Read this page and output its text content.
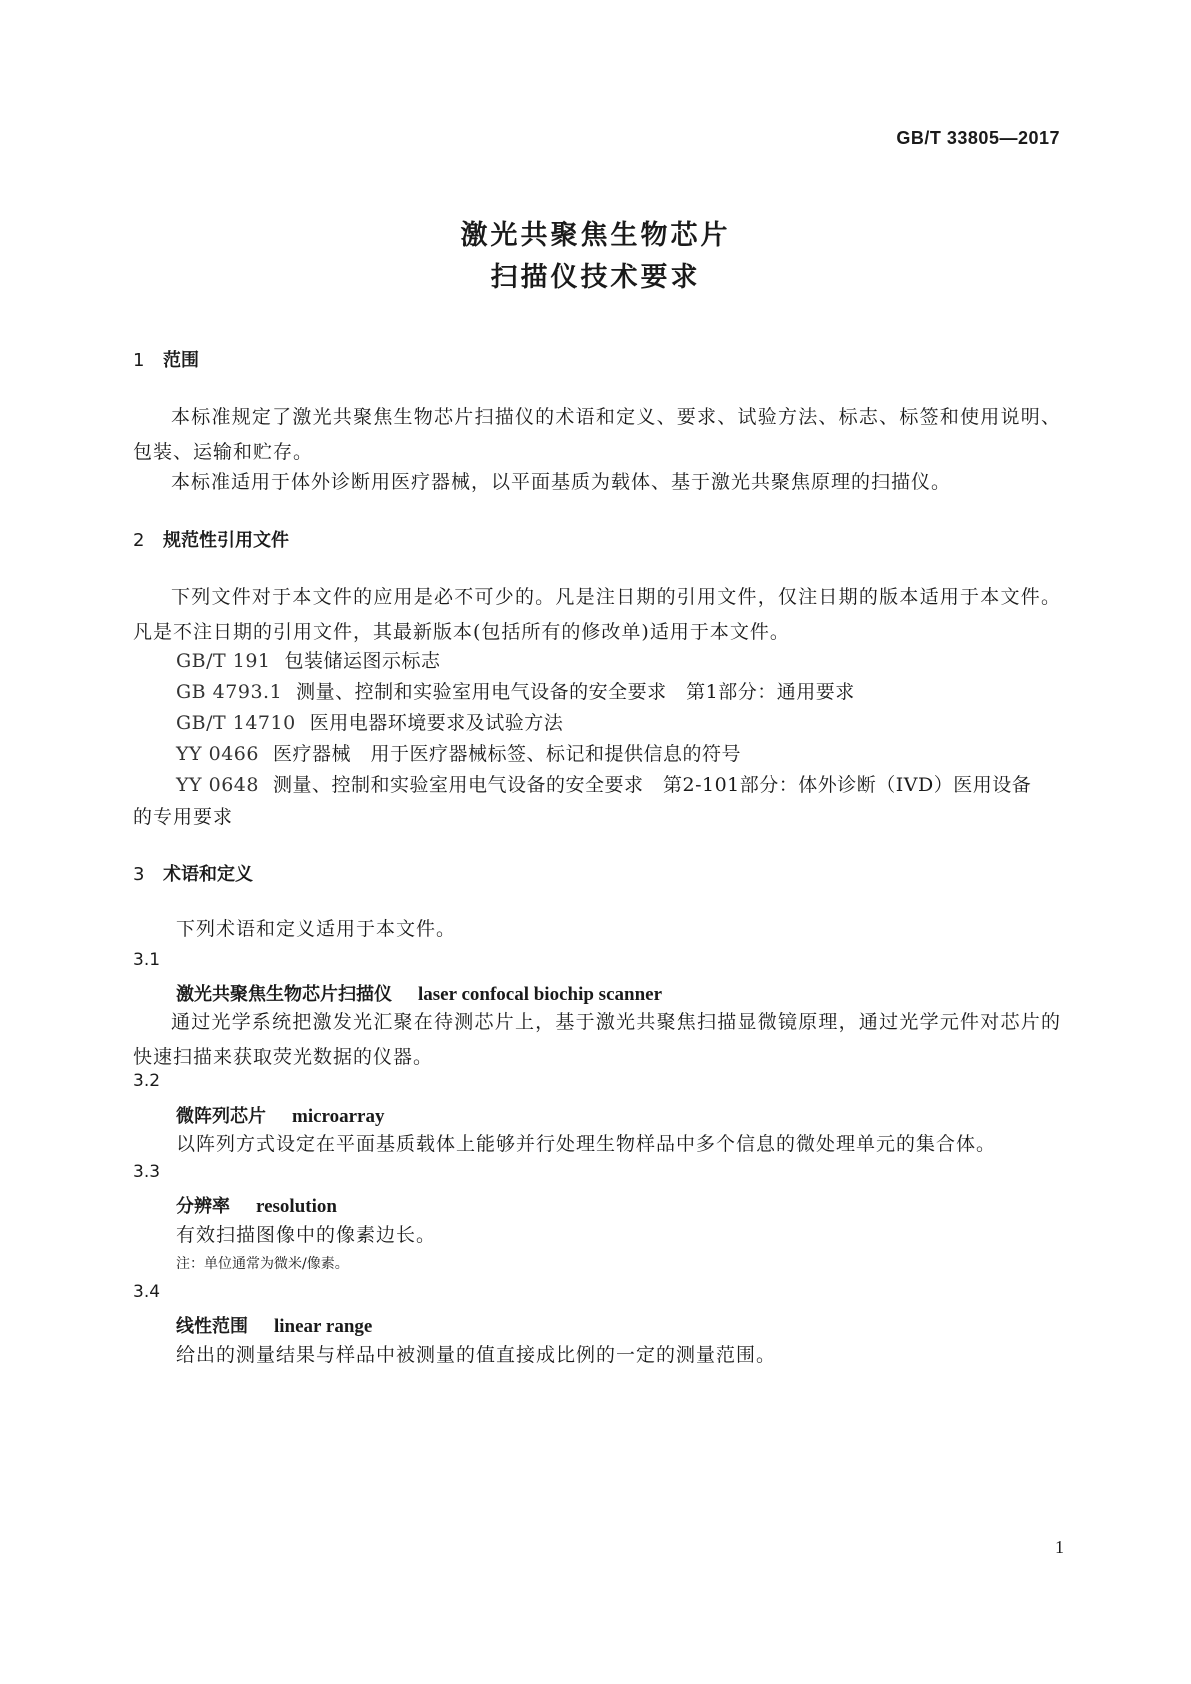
GB/T 33805—2017
激光共聚焦生物芯片
扫描仪技术要求
1 范围
本标准规定了激光共聚焦生物芯片扫描仪的术语和定义、要求、试验方法、标志、标签和使用说明、包装、运输和贮存。
本标准适用于体外诊断用医疗器械，以平面基质为载体、基于激光共聚焦原理的扫描仪。
2 规范性引用文件
下列文件对于本文件的应用是必不可少的。凡是注日期的引用文件，仅注日期的版本适用于本文件。凡是不注日期的引用文件，其最新版本(包括所有的修改单)适用于本文件。
GB/T 191 包装储运图示标志
GB 4793.1 测量、控制和实验室用电气设备的安全要求　第1部分：通用要求
GB/T 14710 医用电器环境要求及试验方法
YY 0466 医疗器械　用于医疗器械标签、标记和提供信息的符号
YY 0648 测量、控制和实验室用电气设备的安全要求　第2-101部分：体外诊断（IVD）医用设备
的专用要求
3 术语和定义
下列术语和定义适用于本文件。
3.1
激光共聚焦生物芯片扫描仪 laser confocal biochip scanner
通过光学系统把激发光汇聚在待测芯片上，基于激光共聚焦扫描显微镜原理，通过光学元件对芯片的快速扫描来获取荧光数据的仪器。
3.2
微阵列芯片 microarray
以阵列方式设定在平面基质载体上能够并行处理生物样品中多个信息的微处理单元的集合体。
3.3
分辨率 resolution
有效扫描图像中的像素边长。
注：单位通常为微米/像素。
3.4
线性范围 linear range
给出的测量结果与样品中被测量的值直接成比例的一定的测量范围。
1
